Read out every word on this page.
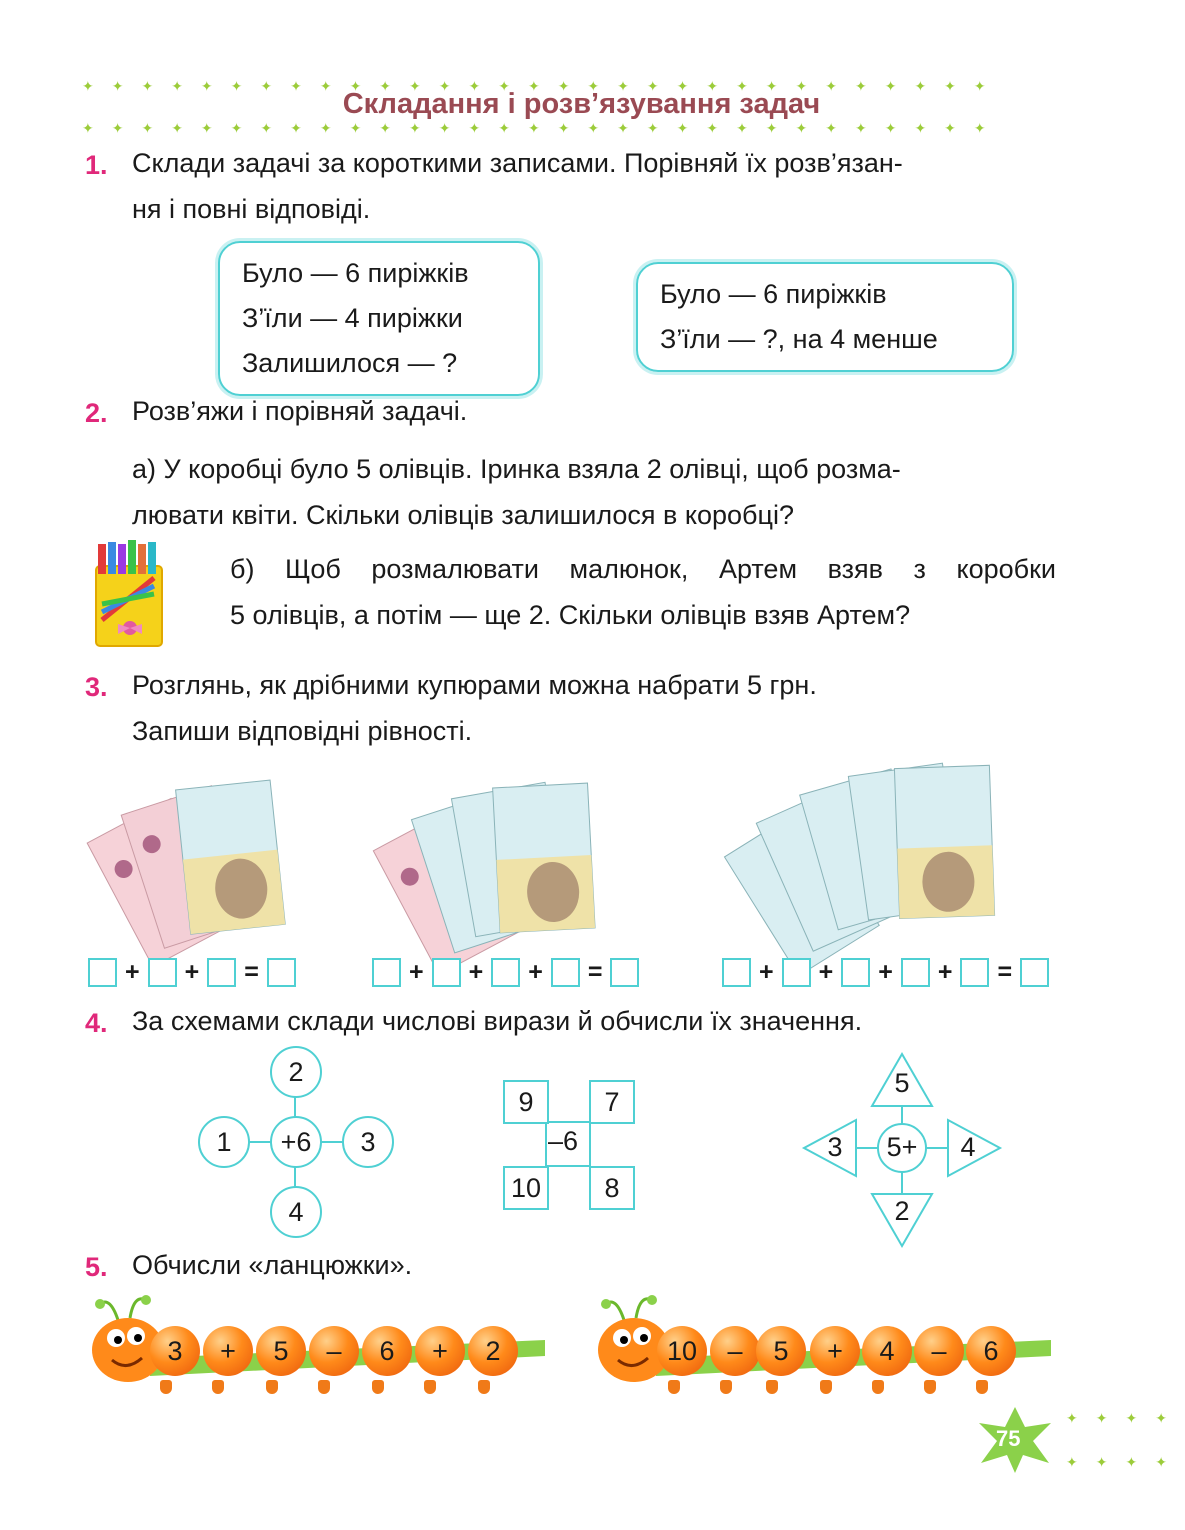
✦✦✦✦✦✦✦✦✦✦✦✦✦✦✦✦✦✦✦✦✦✦✦✦✦✦✦✦✦✦✦
✦✦✦✦✦✦✦✦✦✦✦✦✦✦✦✦✦✦✦✦✦✦✦✦✦✦✦✦✦✦✦
Складання і розв’язування задач
1. Склади задачі за короткими записами. Порівняй їх розв’язан-
ня і повні відповіді.
Було — 6 пиріжків
З’їли — 4 пиріжки
Залишилося — ?
Було — 6 пиріжків
З’їли — ?, на 4 менше
2. Розв’яжи і порівняй задачі.
а) У коробці було 5 олівців. Іринка взяла 2 олівці, щоб розма-
лювати квіти. Скільки олівців залишилося в коробці?
б) Щоб розмалювати малюнок, Артем взяв з коробки
5 олівців, а потім — ще 2. Скільки олівців взяв Артем?
3. Розглянь, як дрібними купюрами можна набрати 5 грн.
Запиши відповідні рівності.
+ + =	+ + + =	+ + + + =
4. За схемами склади числові вирази й обчисли їх значення.
2
1	+6	3
4
9	7
–6
10	8
5
3	5+	4
2
5. Обчисли «ланцюжки».
3	+	5	–	6	+	2	10	–	5	+	4	–	6
✦✦✦✦
✦✦✦✦
75
